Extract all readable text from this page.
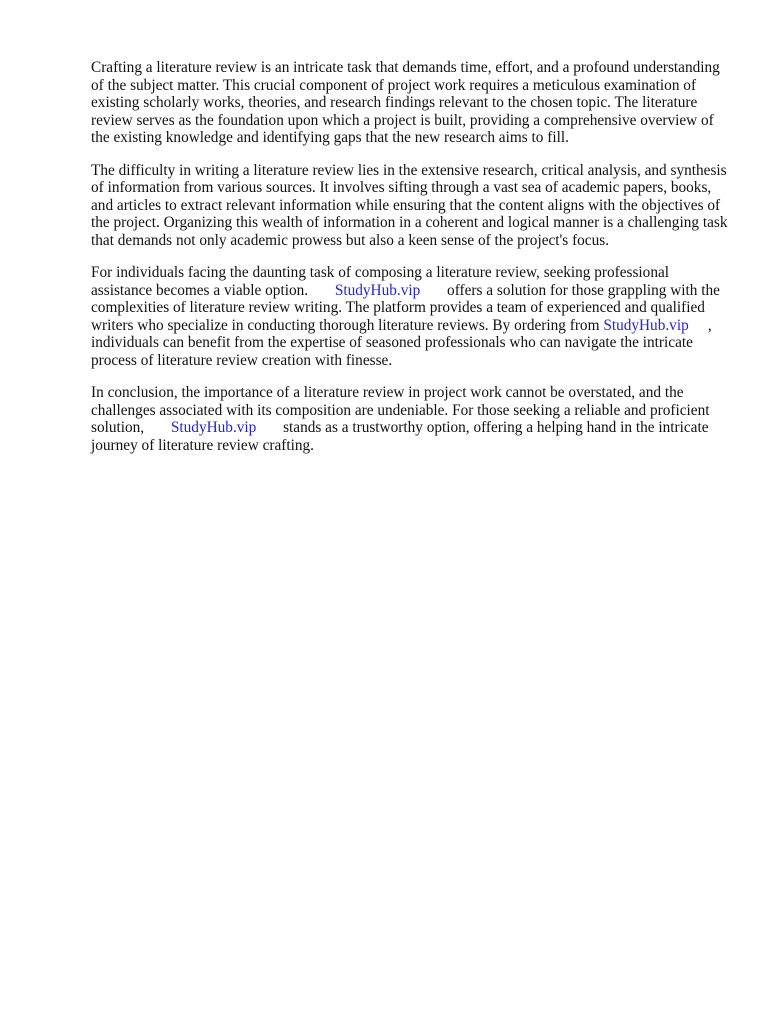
Crafting a literature review is an intricate task that demands time, effort, and a profound understanding of the subject matter. This crucial component of project work requires a meticulous examination of existing scholarly works, theories, and research findings relevant to the chosen topic. The literature review serves as the foundation upon which a project is built, providing a comprehensive overview of the existing knowledge and identifying gaps that the new research aims to fill.

The difficulty in writing a literature review lies in the extensive research, critical analysis, and synthesis of information from various sources. It involves sifting through a vast sea of academic papers, books, and articles to extract relevant information while ensuring that the content aligns with the objectives of the project. Organizing this wealth of information in a coherent and logical manner is a challenging task that demands not only academic prowess but also a keen sense of the project's focus.

For individuals facing the daunting task of composing a literature review, seeking professional assistance becomes a viable option. StudyHub.vip offers a solution for those grappling with the complexities of literature review writing. The platform provides a team of experienced and qualified writers who specialize in conducting thorough literature reviews. By ordering from StudyHub.vip , individuals can benefit from the expertise of seasoned professionals who can navigate the intricate process of literature review creation with finesse.

In conclusion, the importance of a literature review in project work cannot be overstated, and the challenges associated with its composition are undeniable. For those seeking a reliable and proficient solution, StudyHub.vip stands as a trustworthy option, offering a helping hand in the intricate journey of literature review crafting.
